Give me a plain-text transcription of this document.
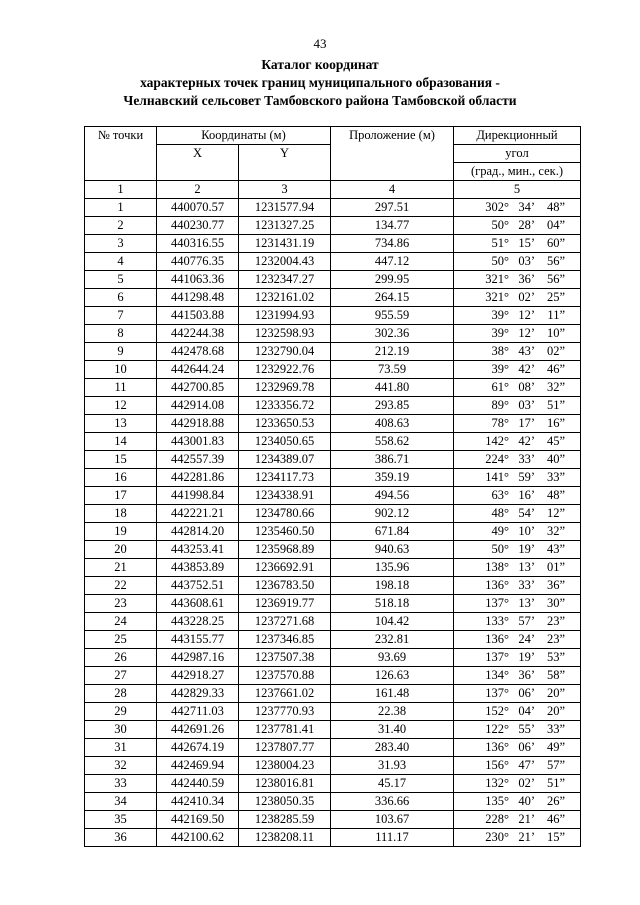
43
Каталог координат
характерных точек границ муниципального образования -
Челнавский сельсовет Тамбовского района Тамбовской области
№ точки	Координаты (м)		Проложение (м)	Дирекционный
	X	Y		угол
				(град., мин., сек.)
1	2	3	4	5
1	440070.57	1231577.94	297.51	302° 34’ 48”
2	440230.77	1231327.25	134.77	50° 28’ 04”
3	440316.55	1231431.19	734.86	51° 15’ 60”
4	440776.35	1232004.43	447.12	50° 03’ 56”
5	441063.36	1232347.27	299.95	321° 36’ 56”
6	441298.48	1232161.02	264.15	321° 02’ 25”
7	441503.88	1231994.93	955.59	39° 12’ 11”
8	442244.38	1232598.93	302.36	39° 12’ 10”
9	442478.68	1232790.04	212.19	38° 43’ 02”
10	442644.24	1232922.76	73.59	39° 42’ 46”
11	442700.85	1232969.78	441.80	61° 08’ 32”
12	442914.08	1233356.72	293.85	89° 03’ 51”
13	442918.88	1233650.53	408.63	78° 17’ 16”
14	443001.83	1234050.65	558.62	142° 42’ 45”
15	442557.39	1234389.07	386.71	224° 33’ 40”
16	442281.86	1234117.73	359.19	141° 59’ 33”
17	441998.84	1234338.91	494.56	63° 16’ 48”
18	442221.21	1234780.66	902.12	48° 54’ 12”
19	442814.20	1235460.50	671.84	49° 10’ 32”
20	443253.41	1235968.89	940.63	50° 19’ 43”
21	443853.89	1236692.91	135.96	138° 13’ 01”
22	443752.51	1236783.50	198.18	136° 33’ 36”
23	443608.61	1236919.77	518.18	137° 13’ 30”
24	443228.25	1237271.68	104.42	133° 57’ 23”
25	443155.77	1237346.85	232.81	136° 24’ 23”
26	442987.16	1237507.38	93.69	137° 19’ 53”
27	442918.27	1237570.88	126.63	134° 36’ 58”
28	442829.33	1237661.02	161.48	137° 06’ 20”
29	442711.03	1237770.93	22.38	152° 04’ 20”
30	442691.26	1237781.41	31.40	122° 55’ 33”
31	442674.19	1237807.77	283.40	136° 06’ 49”
32	442469.94	1238004.23	31.93	156° 47’ 57”
33	442440.59	1238016.81	45.17	132° 02’ 51”
34	442410.34	1238050.35	336.66	135° 40’ 26”
35	442169.50	1238285.59	103.67	228° 21’ 46”
36	442100.62	1238208.11	111.17	230° 21’ 15”
